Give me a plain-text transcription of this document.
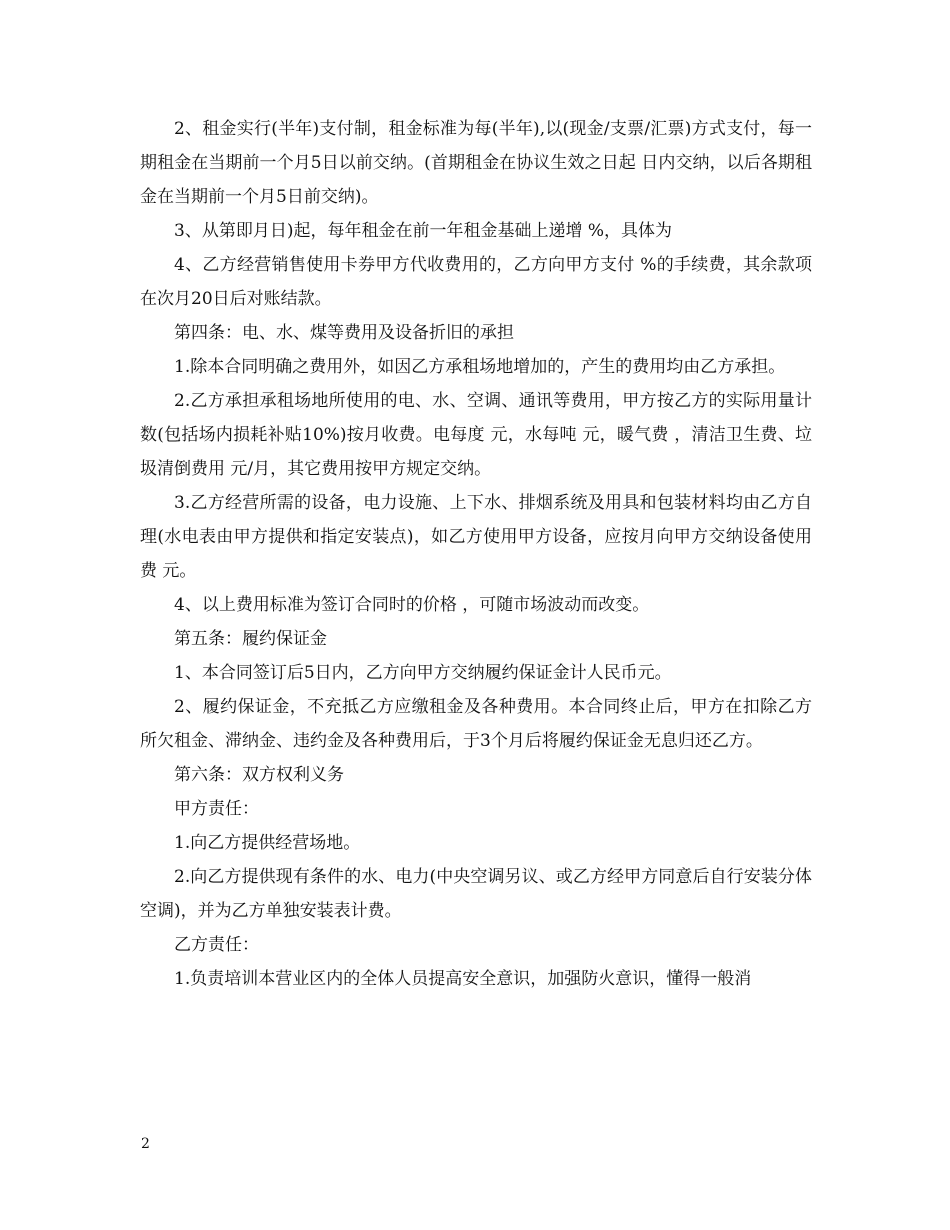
2、租金实行(半年)支付制，租金标准为每(半年),以(现金/支票/汇票)方式支付，每一期租金在当期前一个月5日以前交纳。(首期租金在协议生效之日起 日内交纳，以后各期租金在当期前一个月5日前交纳)。

3、从第即月日)起，每年租金在前一年租金基础上递增 %，具体为

4、乙方经营销售使用卡券甲方代收费用的，乙方向甲方支付 %的手续费，其余款项在次月20日后对账结款。

第四条：电、水、煤等费用及设备折旧的承担

1.除本合同明确之费用外，如因乙方承租场地增加的，产生的费用均由乙方承担。

2.乙方承担承租场地所使用的电、水、空调、通讯等费用，甲方按乙方的实际用量计数(包括场内损耗补贴10%)按月收费。电每度 元，水每吨 元，暖气费 ，清洁卫生费、垃圾清倒费用 元/月，其它费用按甲方规定交纳。

3.乙方经营所需的设备，电力设施、上下水、排烟系统及用具和包装材料均由乙方自理(水电表由甲方提供和指定安装点)，如乙方使用甲方设备，应按月向甲方交纳设备使用费 元。

4、以上费用标准为签订合同时的价格 ，可随市场波动而改变。

第五条：履约保证金

1、本合同签订后5日内，乙方向甲方交纳履约保证金计人民币元。

2、履约保证金，不充抵乙方应缴租金及各种费用。本合同终止后，甲方在扣除乙方所欠租金、滞纳金、违约金及各种费用后，于3个月后将履约保证金无息归还乙方。

第六条：双方权利义务

甲方责任：

1.向乙方提供经营场地。

2.向乙方提供现有条件的水、电力(中央空调另议、或乙方经甲方同意后自行安装分体空调)，并为乙方单独安装表计费。

乙方责任：

1.负责培训本营业区内的全体人员提高安全意识，加强防火意识，懂得一般消

2
